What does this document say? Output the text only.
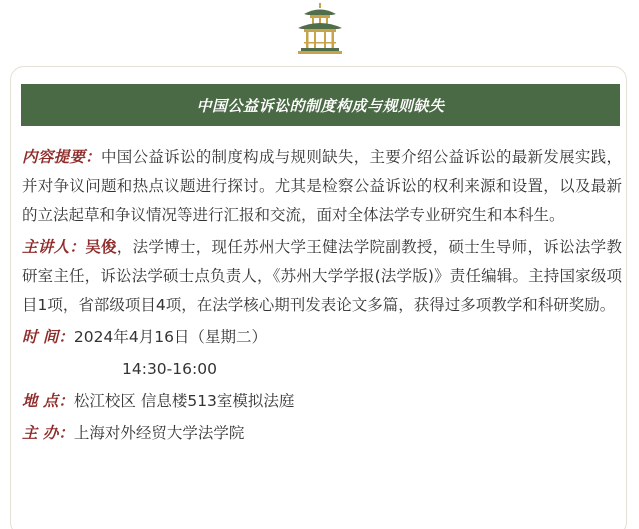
中国公益诉讼的制度构成与规则缺失

内容提要：中国公益诉讼的制度构成与规则缺失，主要介绍公益诉讼的最新发展实践，并对争议问题和热点议题进行探讨。尤其是检察公益诉讼的权利来源和设置，以及最新的立法起草和争议情况等进行汇报和交流，面对全体法学专业研究生和本科生。

主讲人：吴俊，法学博士，现任苏州大学王健法学院副教授，硕士生导师，诉讼法学教研室主任，诉讼法学硕士点负责人，《苏州大学学报(法学版)》责任编辑。主持国家级项目1项，省部级项目4项，在法学核心期刊发表论文多篇，获得过多项教学和科研奖励。

时 间：2024年4月16日（星期二）

14:30-16:00

地 点：松江校区 信息楼513室模拟法庭

主 办：上海对外经贸大学法学院
